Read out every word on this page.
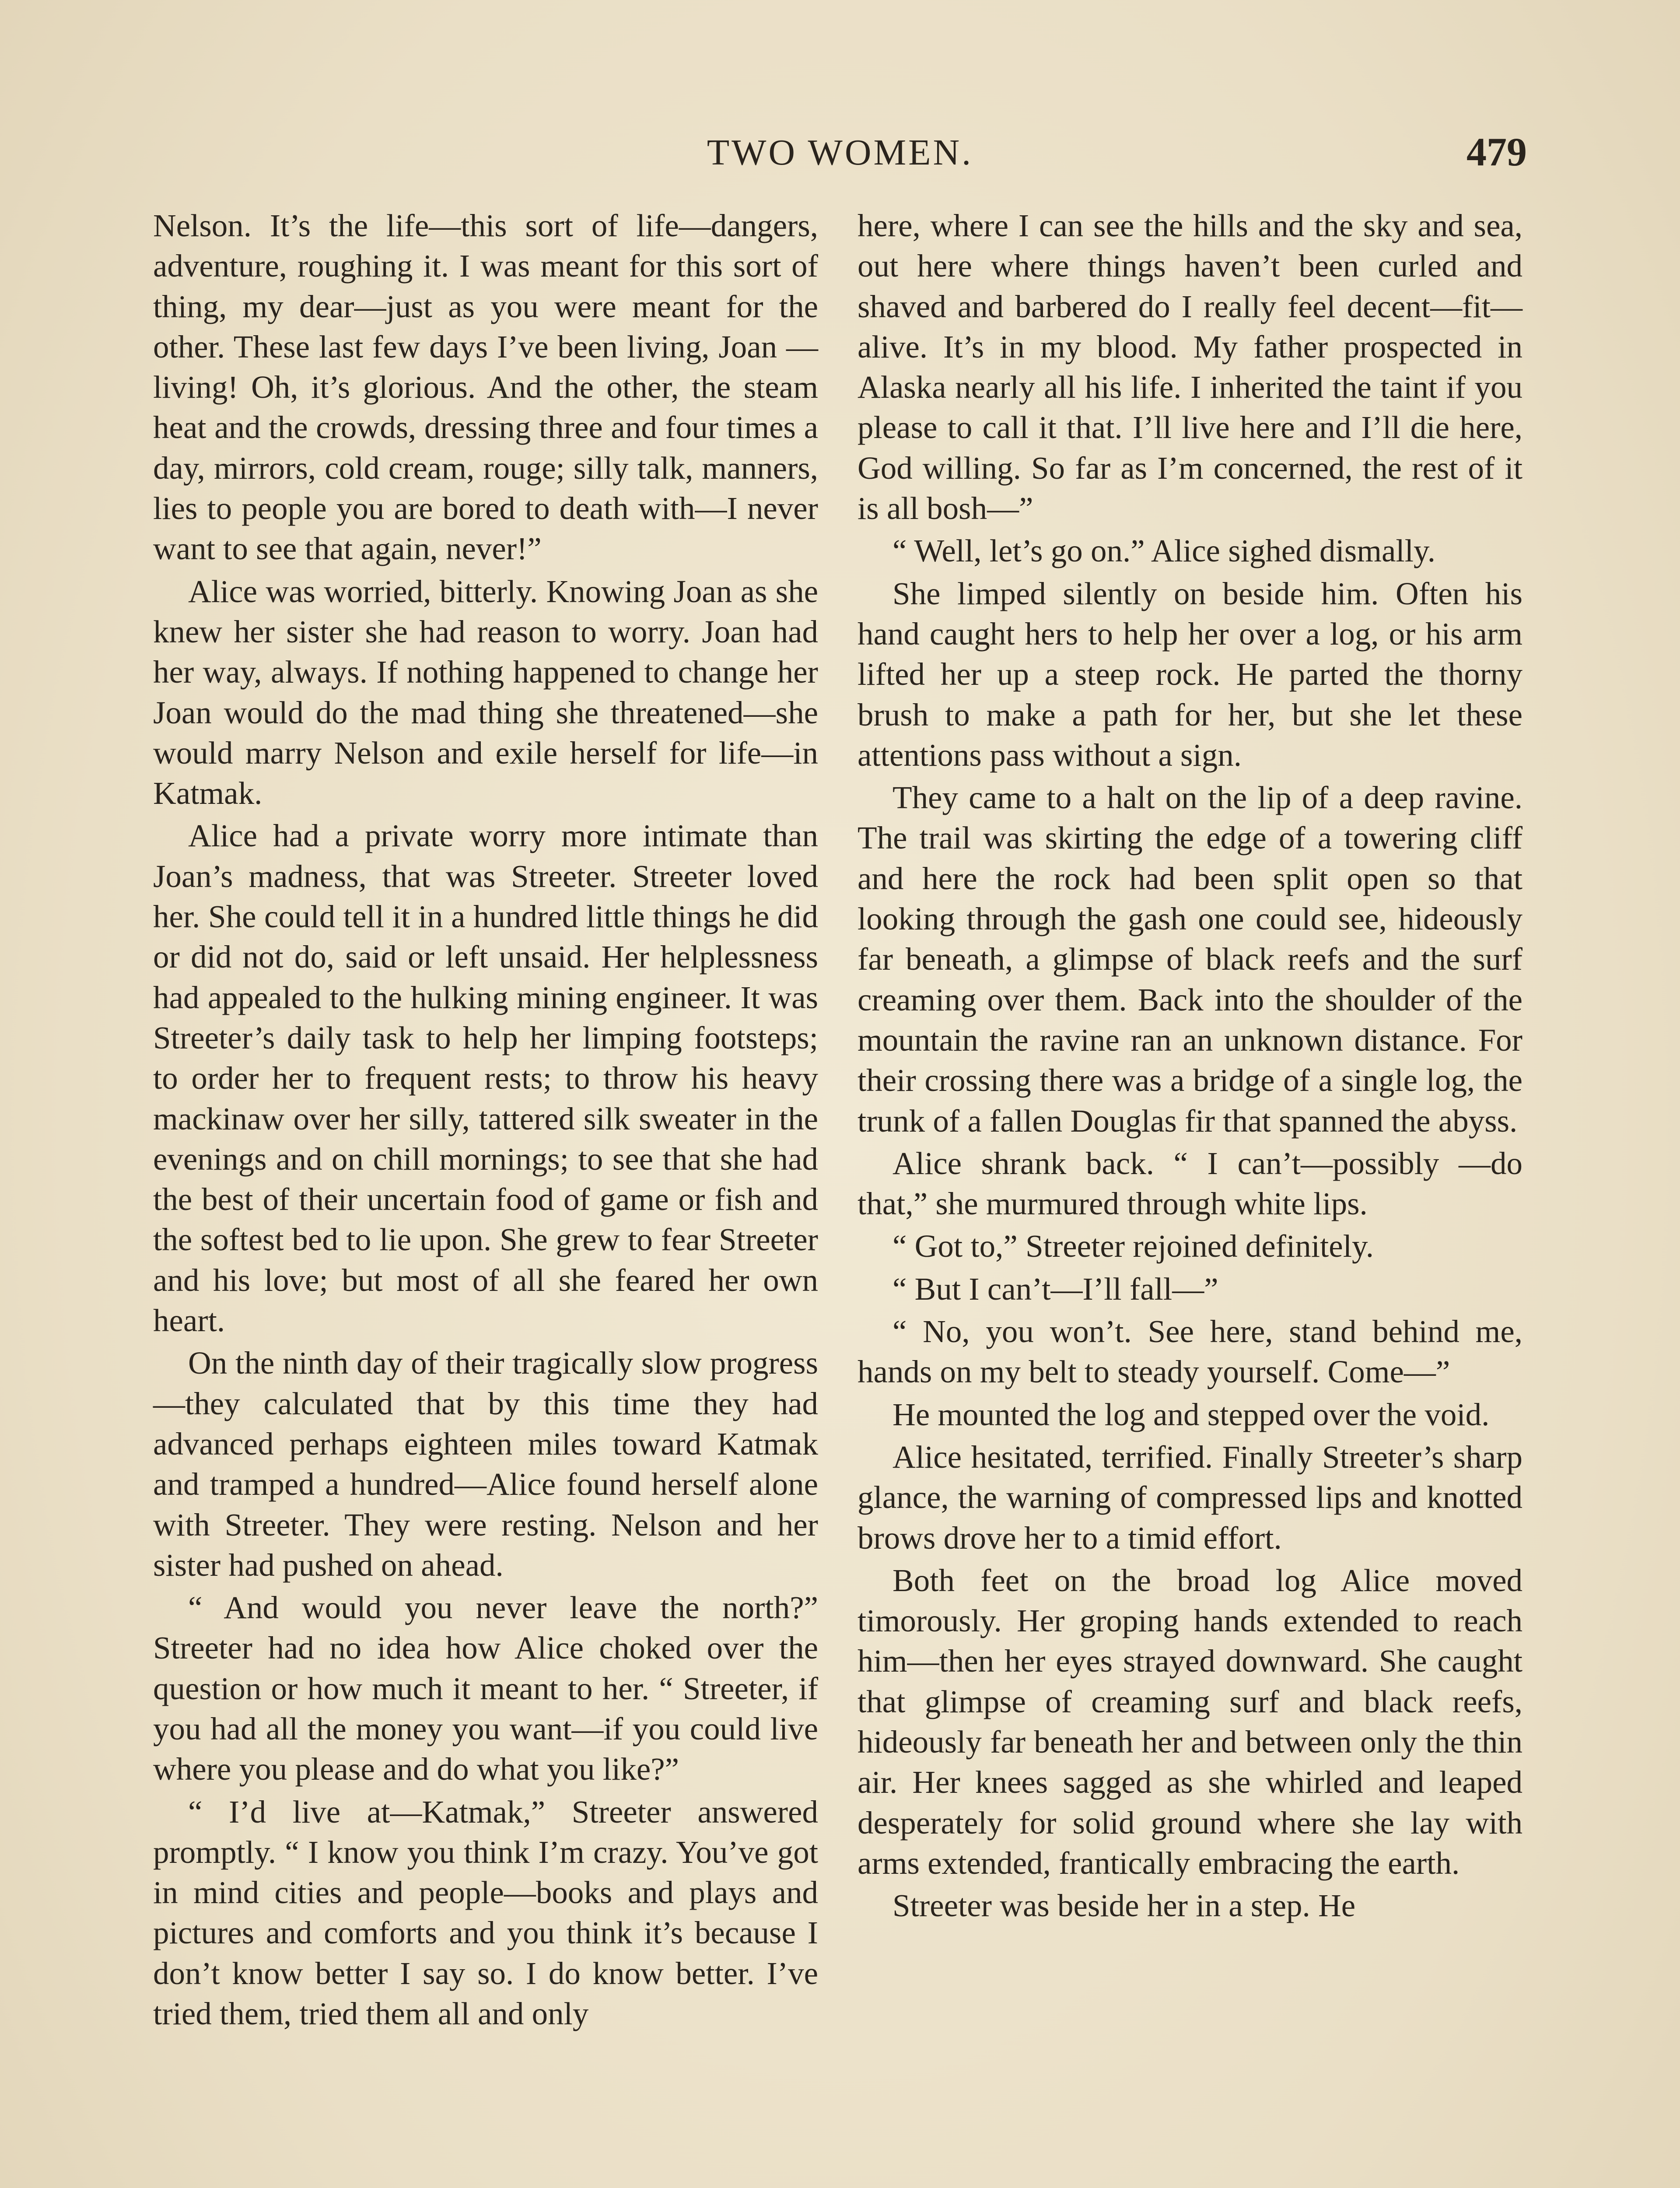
TWO WOMEN.	479

Nelson. It’s the life—this sort of life—dangers, adventure, roughing it. I was meant for this sort of thing, my dear—just as you were meant for the other. These last few days I’ve been living, Joan —living! Oh, it’s glorious. And the other, the steam heat and the crowds, dressing three and four times a day, mirrors, cold cream, rouge; silly talk, manners, lies to people you are bored to death with—I never want to see that again, never!”

Alice was worried, bitterly. Knowing Joan as she knew her sister she had reason to worry. Joan had her way, always. If nothing happened to change her Joan would do the mad thing she threatened—she would marry Nelson and exile herself for life—in Katmak.

Alice had a private worry more intimate than Joan’s madness, that was Streeter. Streeter loved her. She could tell it in a hundred little things he did or did not do, said or left unsaid. Her helplessness had appealed to the hulking mining engineer. It was Streeter’s daily task to help her limping footsteps; to order her to frequent rests; to throw his heavy mackinaw over her silly, tattered silk sweater in the evenings and on chill mornings; to see that she had the best of their uncertain food of game or fish and the softest bed to lie upon. She grew to fear Streeter and his love; but most of all she feared her own heart.

On the ninth day of their tragically slow progress—they calculated that by this time they had advanced perhaps eighteen miles toward Katmak and tramped a hundred—Alice found herself alone with Streeter. They were resting. Nelson and her sister had pushed on ahead.

“ And would you never leave the north?” Streeter had no idea how Alice choked over the question or how much it meant to her. “ Streeter, if you had all the money you want—if you could live where you please and do what you like?”

“ I’d live at—Katmak,” Streeter answered promptly. “ I know you think I’m crazy. You’ve got in mind cities and people—books and plays and pictures and comforts and you think it’s because I don’t know better I say so. I do know better. I’ve tried them, tried them all and only

here, where I can see the hills and the sky and sea, out here where things haven’t been curled and shaved and barbered do I really feel decent—fit—alive. It’s in my blood. My father prospected in Alaska nearly all his life. I inherited the taint if you please to call it that. I’ll live here and I’ll die here, God willing. So far as I’m concerned, the rest of it is all bosh—”

“ Well, let’s go on.” Alice sighed dismally.

She limped silently on beside him. Often his hand caught hers to help her over a log, or his arm lifted her up a steep rock. He parted the thorny brush to make a path for her, but she let these attentions pass without a sign.

They came to a halt on the lip of a deep ravine. The trail was skirting the edge of a towering cliff and here the rock had been split open so that looking through the gash one could see, hideously far beneath, a glimpse of black reefs and the surf creaming over them. Back into the shoulder of the mountain the ravine ran an unknown distance. For their crossing there was a bridge of a single log, the trunk of a fallen Douglas fir that spanned the abyss.

Alice shrank back. “ I can’t—possibly —do that,” she murmured through white lips.

“ Got to,” Streeter rejoined definitely.

“ But I can’t—I’ll fall—”

“ No, you won’t. See here, stand behind me, hands on my belt to steady yourself. Come—”

He mounted the log and stepped over the void.

Alice hesitated, terrified. Finally Streeter’s sharp glance, the warning of compressed lips and knotted brows drove her to a timid effort.

Both feet on the broad log Alice moved timorously. Her groping hands extended to reach him—then her eyes strayed downward. She caught that glimpse of creaming surf and black reefs, hideously far beneath her and between only the thin air. Her knees sagged as she whirled and leaped desperately for solid ground where she lay with arms extended, frantically embracing the earth.

Streeter was beside her in a step. He
